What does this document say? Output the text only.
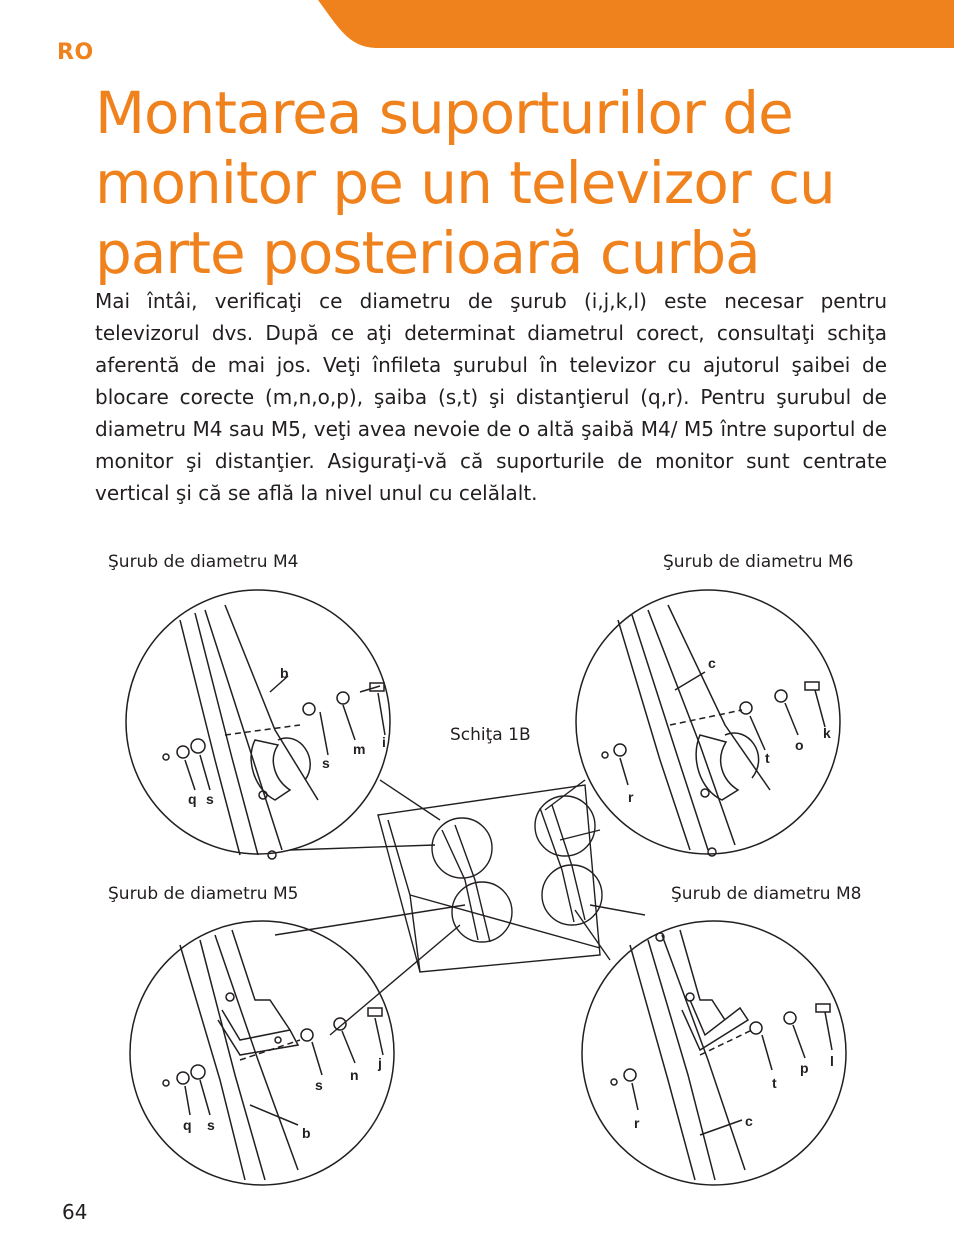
RO
Montarea suporturilor de monitor pe un televizor cu parte posterioară curbă

Mai întâi, verificaţi ce diametru de şurub (i,j,k,l) este necesar pentru televizorul dvs. După ce aţi determinat diametrul corect, consultaţi schiţa aferentă de mai jos. Veţi înfileta şurubul în televizor cu ajutorul şaibei de blocare corecte (m,n,o,p), şaiba (s,t) şi distanţierul (q,r). Pentru şurubul de diametru M4 sau M5, veţi avea nevoie de o altă şaibă M4/ M5 între suportul de monitor şi distanţier. Asiguraţi-vă că suporturile de monitor sunt centrate vertical şi că se află la nivel unul cu celălalt.

Şurub de diametru M4	Şurub de diametru M6
Şurub de diametru M5	Şurub de diametru M8
Schiţa 1B
b
s
m i
q s
c
t
o
k
r
s
n
j
q s	b
t
p l
r	c
64
